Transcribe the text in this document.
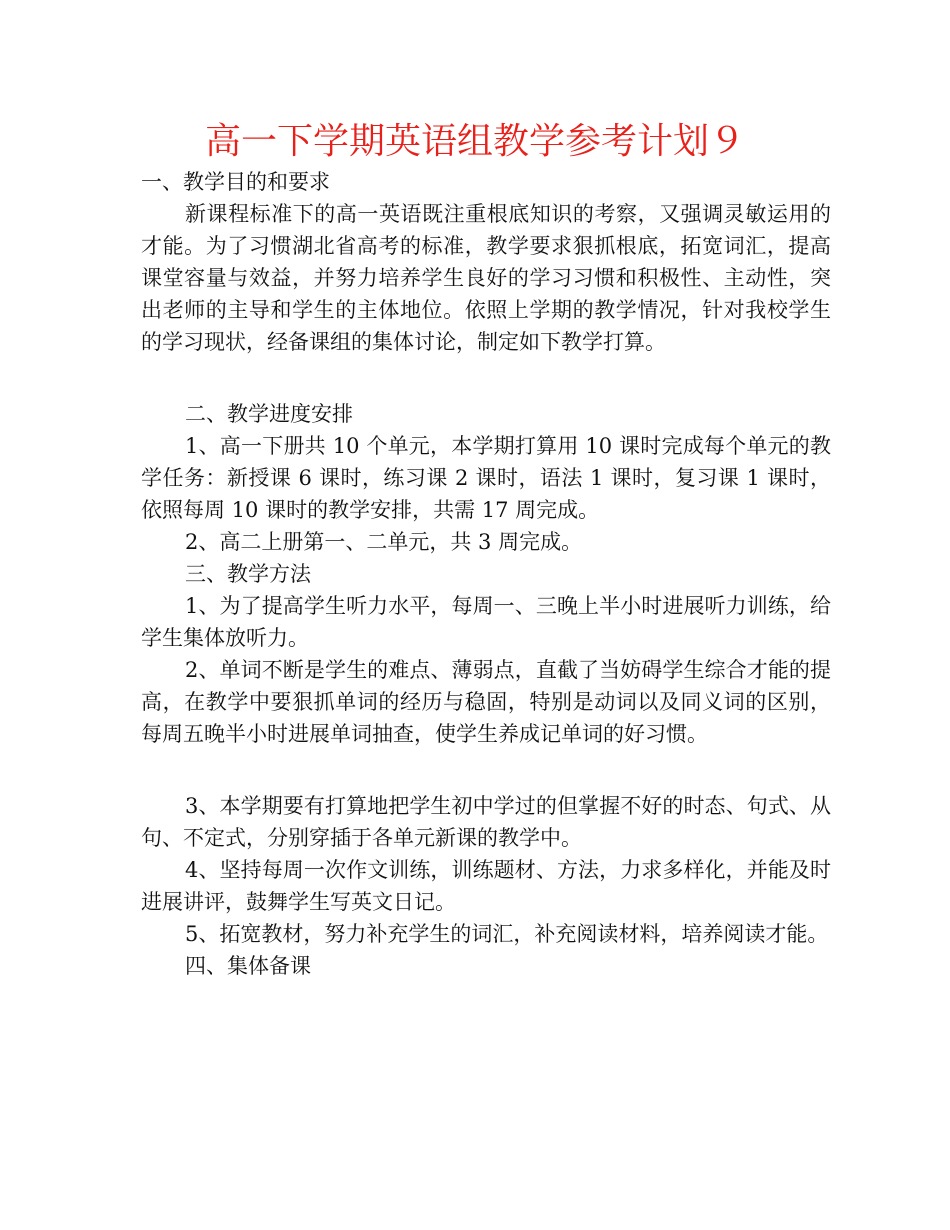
高一下学期英语组教学参考计划９

一、教学目的和要求

新课程标准下的高一英语既注重根底知识的考察，又强调灵敏运用的才能。为了习惯湖北省高考的标准，教学要求狠抓根底，拓宽词汇，提高课堂容量与效益，并努力培养学生良好的学习习惯和积极性、主动性，突出老师的主导和学生的主体地位。依照上学期的教学情况，针对我校学生的学习现状，经备课组的集体讨论，制定如下教学打算。

二、教学进度安排

1、高一下册共 10 个单元，本学期打算用 10 课时完成每个单元的教学任务：新授课 6 课时，练习课 2 课时，语法 1 课时，复习课 1 课时，依照每周 10 课时的教学安排，共需 17 周完成。

2、高二上册第一、二单元，共 3 周完成。

三、教学方法

1、为了提高学生听力水平，每周一、三晚上半小时进展听力训练，给学生集体放听力。

2、单词不断是学生的难点、薄弱点，直截了当妨碍学生综合才能的提高，在教学中要狠抓单词的经历与稳固，特别是动词以及同义词的区别，每周五晚半小时进展单词抽查，使学生养成记单词的好习惯。

3、本学期要有打算地把学生初中学过的但掌握不好的时态、句式、从句、不定式，分别穿插于各单元新课的教学中。

4、坚持每周一次作文训练，训练题材、方法，力求多样化，并能及时进展讲评，鼓舞学生写英文日记。

5、拓宽教材，努力补充学生的词汇，补充阅读材料，培养阅读才能。

四、集体备课
